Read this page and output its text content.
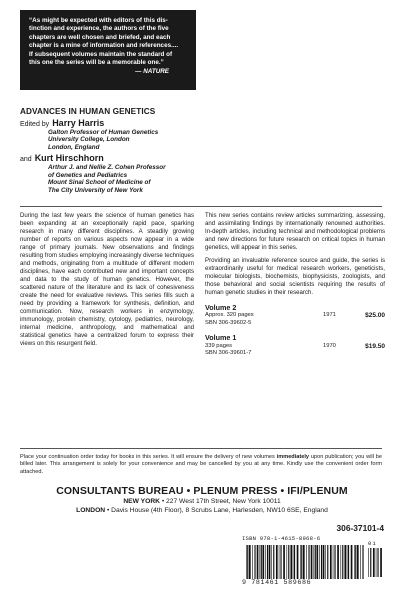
“As might be expected with editors of this dis-
tinction and experience, the authors of the five
chapters are well chosen and briefed, and each
chapter is a mine of information and references....
If subsequent volumes maintain the standard of
this one the series will be a memorable one.”
— NATURE
ADVANCES IN HUMAN GENETICS
Edited by Harry Harris
Galton Professor of Human Genetics
University College, London
London, England
and Kurt Hirschhorn
Arthur J. and Nellie Z. Cohen Professor
of Genetics and Pediatrics
Mount Sinai School of Medicine of
The City University of New York

During the last few years the science of human genetics has been expanding at an exceptionally rapid pace, sparking research in many different disciplines. A steadily growing number of reports on various aspects now appear in a wide range of primary journals. New observations and findings resulting from studies employing increasingly diverse techniques and methods, originating from a multitude of different modern disciplines, have each contributed new and important concepts and data to the study of human genetics. However, the scattered nature of the literature and its lack of cohesiveness create the need for evaluative reviews. This series fills such a need by providing a framework for synthesis, definition, and communication. Now, research workers in enzymology, immunology, protein chemistry, cytology, pediatrics, neurology, internal medicine, anthropology, and mathematical and statistical genetics have a centralized forum to express their views on this resurgent field.

This new series contains review articles summarizing, assessing, and assimilating findings by internationally renowned authorities. In-depth articles, including technical and methodological problems and new directions for future research on critical topics in human genetics, will appear in this series.

Providing an invaluable reference source and guide, the series is extraordinarily useful for medical research workers, geneticists, molecular biologists, biochemists, biophysicists, zoologists, and those behavioral and social scientists requiring the results of human genetic studies in their research.

Volume 2
Approx. 320 pages	1971	$25.00
SBN 306-39602-5
Volume 1
339 pages	1970	$19.50
SBN 306-39601-7
Place your continuation order today for books in this series. It will ensure the delivery of new volumes immediately upon publication; you will be billed later. This arrangement is solely for your convenience and may be cancelled by you at any time. Kindly use the convenient order form attached.
CONSULTANTS BUREAU • PLENUM PRESS • IFI/PLENUM
NEW YORK • 227 West 17th Street, New York 10011
LONDON • Davis House (4th Floor), 8 Scrubs Lane, Harlesden, NW10 6SE, England
306-37101-4
ISBN 978-1-4615-8968-6
01
9 781461 589686
